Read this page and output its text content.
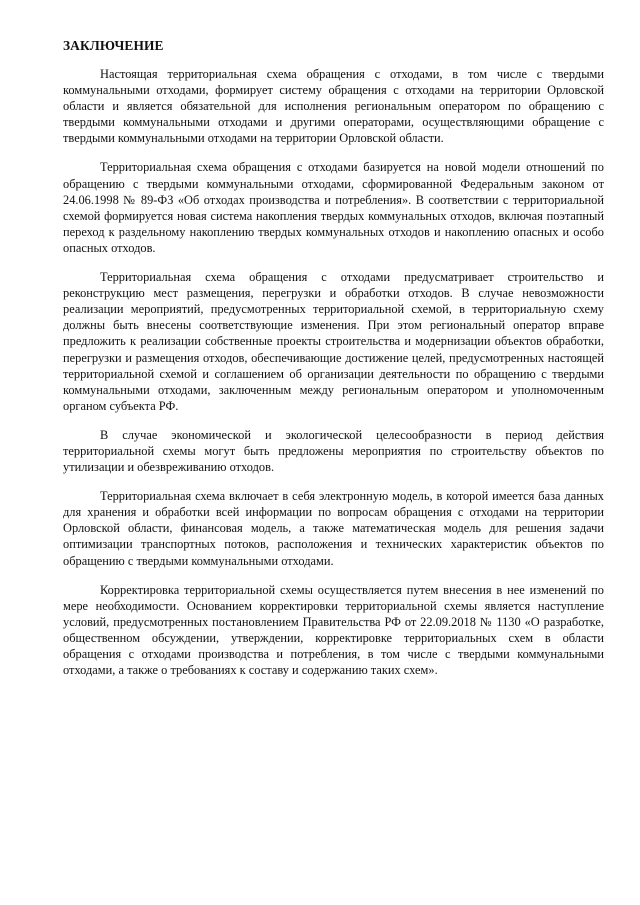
ЗАКЛЮЧЕНИЕ

Настоящая территориальная схема обращения с отходами, в том числе с твердыми коммунальными отходами, формирует систему обращения с отходами на территории Орловской области и является обязательной для исполнения региональным оператором по обращению с твердыми коммунальными отходами и другими операторами, осуществляющими обращение с твердыми коммунальными отходами на территории Орловской области.

Территориальная схема обращения с отходами базируется на новой модели отношений по обращению с твердыми коммунальными отходами, сформированной Федеральным законом от 24.06.1998 № 89-ФЗ «Об отходах производства и потребления». В соответствии с территориальной схемой формируется новая система накопления твердых коммунальных отходов, включая поэтапный переход к раздельному накоплению твердых коммунальных отходов и накоплению опасных и особо опасных отходов.

Территориальная схема обращения с отходами предусматривает строительство и реконструкцию мест размещения, перегрузки и обработки отходов. В случае невозможности реализации мероприятий, предусмотренных территориальной схемой, в территориальную схему должны быть внесены соответствующие изменения. При этом региональный оператор вправе предложить к реализации собственные проекты строительства и модернизации объектов обработки, перегрузки и размещения отходов, обеспечивающие достижение целей, предусмотренных настоящей территориальной схемой и соглашением об организации деятельности по обращению с твердыми коммунальными отходами, заключенным между региональным оператором и уполномоченным органом субъекта РФ.

В случае экономической и экологической целесообразности в период действия территориальной схемы могут быть предложены мероприятия по строительству объектов по утилизации и обезвреживанию отходов.

Территориальная схема включает в себя электронную модель, в которой имеется база данных для хранения и обработки всей информации по вопросам обращения с отходами на территории Орловской области, финансовая модель, а также математическая модель для решения задачи оптимизации транспортных потоков, расположения и технических характеристик объектов по обращению с твердыми коммунальными отходами.

Корректировка территориальной схемы осуществляется путем внесения в нее изменений по мере необходимости. Основанием корректировки территориальной схемы является наступление условий, предусмотренных постановлением Правительства РФ от 22.09.2018 № 1130 «О разработке, общественном обсуждении, утверждении, корректировке территориальных схем в области обращения с отходами производства и потребления, в том числе с твердыми коммунальными отходами, а также о требованиях к составу и содержанию таких схем».
